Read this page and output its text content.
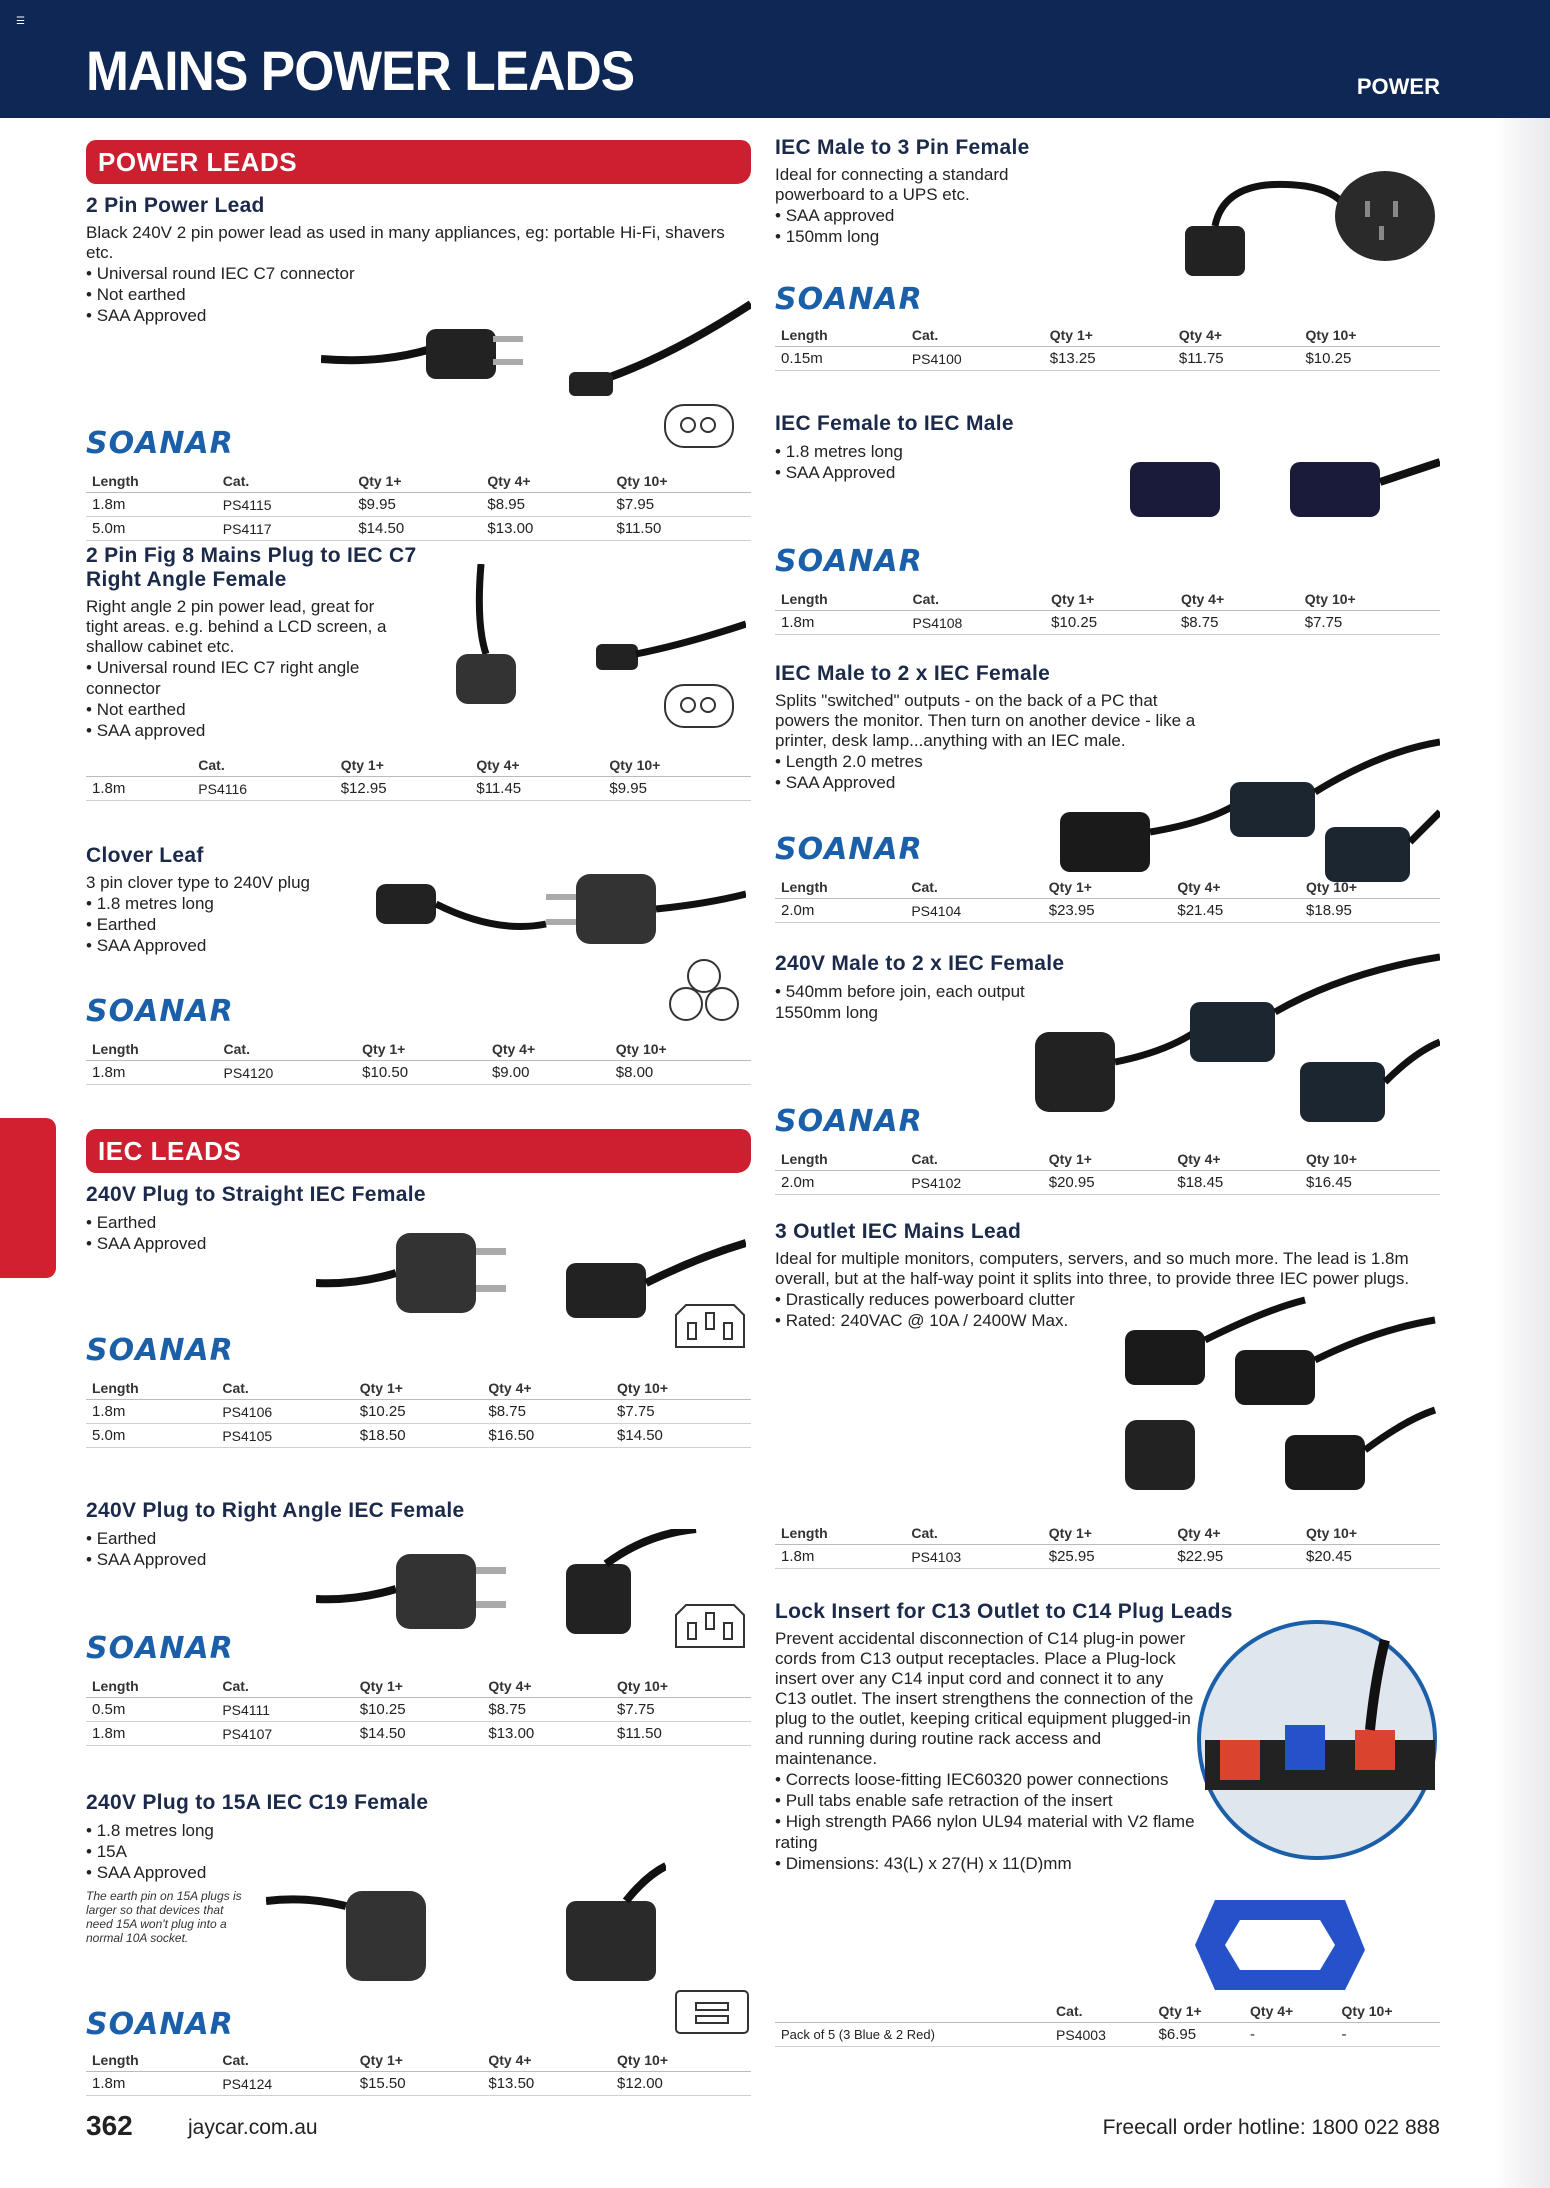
☰
MAINS POWER LEADS	POWER
POWER LEADS
2 Pin Power Lead

Black 240V 2 pin power lead as used in many appliances, eg: portable Hi-Fi, shavers etc.

• Universal round IEC C7 connector
• Not earthed
• SAA Approved
SOANAR
Length	Cat.	Qty 1+	Qty 4+	Qty 10+
1.8m	PS4115	$9.95	$8.95	$7.95
5.0m	PS4117	$14.50	$13.00	$11.50
2 Pin Fig 8 Mains Plug to IEC C7 Right Angle Female

Right angle 2 pin power lead, great for tight areas. e.g. behind a LCD screen, a shallow cabinet etc.

• Universal round IEC C7 right angle connector
• Not earthed
• SAA approved
	Cat.	Qty 1+	Qty 4+	Qty 10+
1.8m	PS4116	$12.95	$11.45	$9.95
Clover Leaf

3 pin clover type to 240V plug

• 1.8 metres long
• Earthed
• SAA Approved
SOANAR
Length	Cat.	Qty 1+	Qty 4+	Qty 10+
1.8m	PS4120	$10.50	$9.00	$8.00
IEC LEADS
240V Plug to Straight IEC Female
• Earthed
• SAA Approved
SOANAR
Length	Cat.	Qty 1+	Qty 4+	Qty 10+
1.8m	PS4106	$10.25	$8.75	$7.75
5.0m	PS4105	$18.50	$16.50	$14.50
240V Plug to Right Angle IEC Female
• Earthed
• SAA Approved
SOANAR
Length	Cat.	Qty 1+	Qty 4+	Qty 10+
0.5m	PS4111	$10.25	$8.75	$7.75
1.8m	PS4107	$14.50	$13.00	$11.50
240V Plug to 15A IEC C19 Female
• 1.8 metres long
• 15A
• SAA Approved
The earth pin on 15A plugs is larger so that devices that need 15A won't plug into a normal 10A socket.
SOANAR
Length	Cat.	Qty 1+	Qty 4+	Qty 10+
1.8m	PS4124	$15.50	$13.50	$12.00
IEC Male to 3 Pin Female

Ideal for connecting a standard powerboard to a UPS etc.

• SAA approved
• 150mm long
SOANAR
Length	Cat.	Qty 1+	Qty 4+	Qty 10+
0.15m	PS4100	$13.25	$11.75	$10.25
IEC Female to IEC Male
• 1.8 metres long
• SAA Approved
SOANAR
Length	Cat.	Qty 1+	Qty 4+	Qty 10+
1.8m	PS4108	$10.25	$8.75	$7.75
IEC Male to 2 x IEC Female

Splits "switched" outputs - on the back of a PC that powers the monitor. Then turn on another device - like a printer, desk lamp...anything with an IEC male.

• Length 2.0 metres
• SAA Approved
SOANAR
Length	Cat.	Qty 1+	Qty 4+	Qty 10+
2.0m	PS4104	$23.95	$21.45	$18.95
240V Male to 2 x IEC Female
• 540mm before join, each output 1550mm long
SOANAR
Length	Cat.	Qty 1+	Qty 4+	Qty 10+
2.0m	PS4102	$20.95	$18.45	$16.45
3 Outlet IEC Mains Lead

Ideal for multiple monitors, computers, servers, and so much more. The lead is 1.8m overall, but at the half-way point it splits into three, to provide three IEC power plugs.

• Drastically reduces powerboard clutter
• Rated: 240VAC @ 10A / 2400W Max.
Length	Cat.	Qty 1+	Qty 4+	Qty 10+
1.8m	PS4103	$25.95	$22.95	$20.45
Lock Insert for C13 Outlet to C14 Plug Leads

Prevent accidental disconnection of C14 plug-in power cords from C13 output receptacles. Place a Plug-lock insert over any C14 input cord and connect it to any C13 outlet. The insert strengthens the connection of the plug to the outlet, keeping critical equipment plugged-in and running during routine rack access and maintenance.

• Corrects loose-fitting IEC60320 power connections
• Pull tabs enable safe retraction of the insert
• High strength PA66 nylon UL94 material with V2 flame rating
• Dimensions: 43(L) x 27(H) x 11(D)mm
	Cat.	Qty 1+	Qty 4+	Qty 10+
Pack of 5 (3 Blue & 2 Red)	PS4003	$6.95	-	-
362	jaycar.com.au	Freecall order hotline: 1800 022 888
